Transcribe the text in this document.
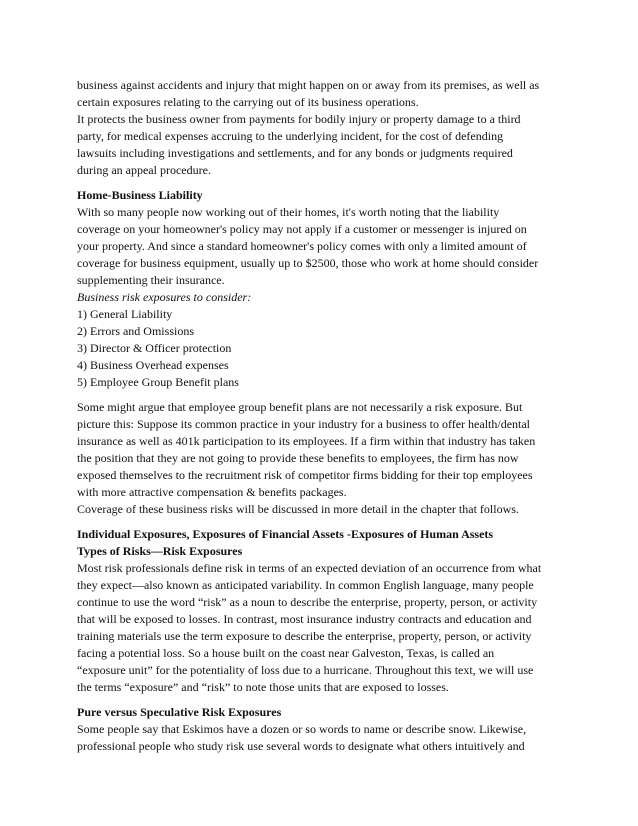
business against accidents and injury that might happen on or away from its premises, as well as
certain exposures relating to the carrying out of its business operations.
It protects the business owner from payments for bodily injury or property damage to a third
party, for medical expenses accruing to the underlying incident, for the cost of defending
lawsuits including investigations and settlements, and for any bonds or judgments required
during an appeal procedure.
Home-Business Liability
With so many people now working out of their homes, it's worth noting that the liability
coverage on your homeowner's policy may not apply if a customer or messenger is injured on
your property. And since a standard homeowner's policy comes with only a limited amount of
coverage for business equipment, usually up to $2500, those who work at home should consider
supplementing their insurance.
Business risk exposures to consider:
1) General Liability
2) Errors and Omissions
3) Director & Officer protection
4) Business Overhead expenses
5) Employee Group Benefit plans
Some might argue that employee group benefit plans are not necessarily a risk exposure. But
picture this: Suppose its common practice in your industry for a business to offer health/dental
insurance as well as 401k participation to its employees. If a firm within that industry has taken
the position that they are not going to provide these benefits to employees, the firm has now
exposed themselves to the recruitment risk of competitor firms bidding for their top employees
with more attractive compensation & benefits packages.
Coverage of these business risks will be discussed in more detail in the chapter that follows.
Individual Exposures, Exposures of Financial Assets -Exposures of Human Assets
Types of Risks—Risk Exposures
Most risk professionals define risk in terms of an expected deviation of an occurrence from what
they expect—also known as anticipated variability. In common English language, many people
continue to use the word “risk” as a noun to describe the enterprise, property, person, or activity
that will be exposed to losses. In contrast, most insurance industry contracts and education and
training materials use the term exposure to describe the enterprise, property, person, or activity
facing a potential loss. So a house built on the coast near Galveston, Texas, is called an
“exposure unit” for the potentiality of loss due to a hurricane. Throughout this text, we will use
the terms “exposure” and “risk” to note those units that are exposed to losses.
Pure versus Speculative Risk Exposures
Some people say that Eskimos have a dozen or so words to name or describe snow. Likewise,
professional people who study risk use several words to designate what others intuitively and
